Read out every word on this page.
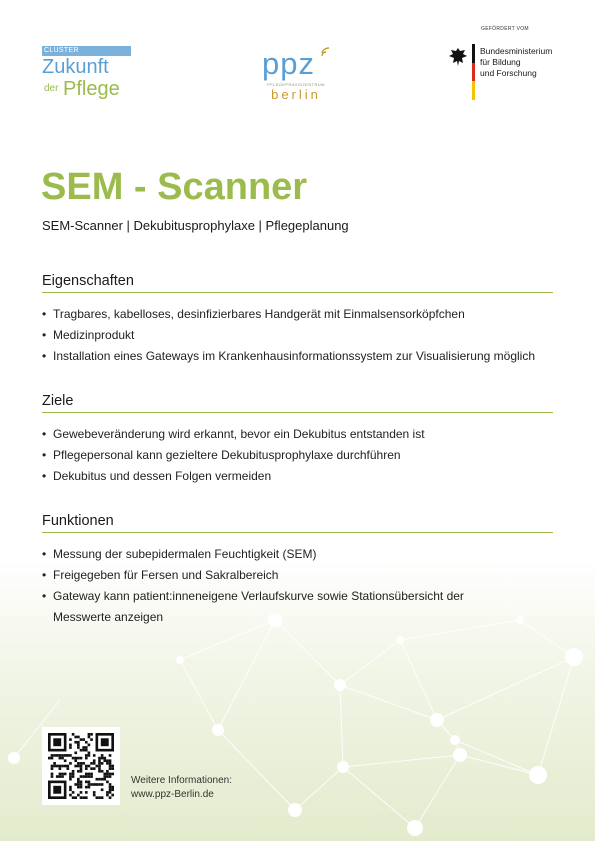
CLUSTER
Zukunft
der Pflege
ppz
PFLEGEPRAXISZENTRUM
berlin
GEFÖRDERT VOM
Bundesministerium
für Bildung
und Forschung
SEM - Scanner
SEM-Scanner | Dekubitusprophylaxe | Pflegeplanung
Eigenschaften
• Tragbares, kabelloses, desinfizierbares Handgerät mit Einmalsensorköpfchen
• Medizinprodukt
• Installation eines Gateways im Krankenhausinformationssystem zur Visualisierung möglich
Ziele
• Gewebeveränderung wird erkannt, bevor ein Dekubitus entstanden ist
• Pflegepersonal kann gezieltere Dekubitusprophylaxe durchführen
• Dekubitus und dessen Folgen vermeiden
Funktionen
• Messung der subepidermalen Feuchtigkeit (SEM)
• Freigegeben für Fersen und Sakralbereich
• Gateway kann patient:inneneigene Verlaufskurve sowie Stationsübersicht der
Messwerte anzeigen
Weitere Informationen:
www.ppz-Berlin.de
